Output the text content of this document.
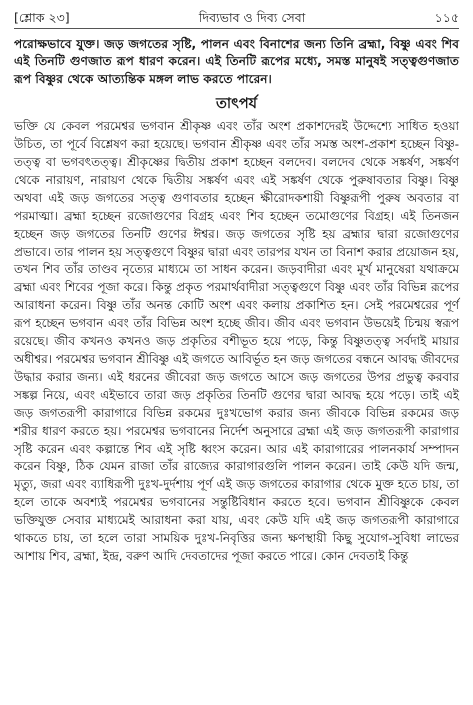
[শ্লোক ২৩]	দিব্যভাব ও দিব্য সেবা	১১৫

পরোক্ষভাবে যুক্ত। জড় জগতের সৃষ্টি, পালন এবং বিনাশের জন্য তিনি ব্রহ্মা, বিষ্ণু এবং শিব এই তিনটি গুণজাত রূপ ধারণ করেন। এই তিনটি রূপের মধ্যে, সমস্ত মানুষই সত্ত্বগুণজাত রূপ বিষ্ণুর থেকে আত্যন্তিক মঙ্গল লাভ করতে পারেন।

তাৎপর্য

ভক্তি যে কেবল পরমেশ্বর ভগবান শ্রীকৃষ্ণ এবং তাঁর অংশ প্রকাশদেরই উদ্দেশ্যে সাধিত হওয়া উচিত, তা পূর্বে বিশ্লেষণ করা হয়েছে। ভগবান শ্রীকৃষ্ণ এবং তাঁর সমস্ত অংশ-প্রকাশ হচ্ছেন বিষ্ণু-তত্ত্ব বা ভগবৎতত্ত্ব। শ্রীকৃষ্ণের দ্বিতীয় প্রকাশ হচ্ছেন বলদেব। বলদেব থেকে সঙ্কর্ষণ, সঙ্কর্ষণ থেকে নারায়ণ, নারায়ণ থেকে দ্বিতীয় সঙ্কর্ষণ এবং এই সঙ্কর্ষণ থেকে পুরুষাবতার বিষ্ণু। বিষ্ণু অথবা এই জড় জগতের সত্ত্ব গুণাবতার হচ্ছেন ক্ষীরোদকশায়ী বিষ্ণুরূপী পুরুষ অবতার বা পরমাত্মা। ব্রহ্মা হচ্ছেন রজোগুণের বিগ্রহ এবং শিব হচ্ছেন তমোগুণের বিগ্রহ। এই তিনজন হচ্ছেন জড় জগতের তিনটি গুণের ঈশ্বর। জড় জগতের সৃষ্টি হয় ব্রহ্মার দ্বারা রজোগুণের প্রভাবে। তার পালন হয় সত্ত্বগুণে বিষ্ণুর দ্বারা এবং তারপর যখন তা বিনাশ করার প্রয়োজন হয়, তখন শিব তাঁর তাণ্ডব নৃত্যের মাধ্যমে তা সাধন করেন। জড়বাদীরা এবং মূর্খ মানুষেরা যথাক্রমে ব্রহ্মা এবং শিবের পূজা করে। কিন্তু প্রকৃত পরমার্থবাদীরা সত্ত্বগুণে বিষ্ণু এবং তাঁর বিভিন্ন রূপের আরাধনা করেন। বিষ্ণু তাঁর অনন্ত কোটি অংশ এবং কলায় প্রকাশিত হন। সেই পরমেশ্বরের পূর্ণ রূপ হচ্ছেন ভগবান এবং তাঁর বিভিন্ন অংশ হচ্ছে জীব। জীব এবং ভগবান উভয়েই চিন্ময় স্বরূপ রয়েছে। জীব কখনও কখনও জড় প্রকৃতির বশীভূত হয়ে পড়ে, কিন্তু বিষ্ণুতত্ত্ব সর্বদাই মায়ার অধীশ্বর। পরমেশ্বর ভগবান শ্রীবিষ্ণু এই জগতে আবির্ভূত হন জড় জগতের বন্ধনে আবদ্ধ জীবদের উদ্ধার করার জন্য। এই ধরনের জীবেরা জড় জগতে আসে জড় জগতের উপর প্রভুত্ব করবার সঙ্কল্প নিয়ে, এবং এইভাবে তারা জড় প্রকৃতির তিনটি গুণের দ্বারা আবদ্ধ হয়ে পড়ে। তাই এই জড় জগতরূপী কারাগারে বিভিন্ন রকমের দুঃখভোগ করার জন্য জীবকে বিভিন্ন রকমের জড় শরীর ধারণ করতে হয়। পরমেশ্বর ভগবানের নির্দেশ অনুসারে ব্রহ্মা এই জড় জগতরূপী কারাগার সৃষ্টি করেন এবং কল্পান্তে শিব এই সৃষ্টি ধ্বংস করেন। আর এই কারাগারের পালনকার্য সম্পাদন করেন বিষ্ণু, ঠিক যেমন রাজা তাঁর রাজ্যের কারাগারগুলি পালন করেন। তাই কেউ যদি জন্ম, মৃত্যু, জরা এবং ব্যাধিরূপী দুঃখ-দুর্দশায় পূর্ণ এই জড় জগতের কারাগার থেকে মুক্ত হতে চায়, তা হলে তাকে অবশ্যই পরমেশ্বর ভগবানের সন্তুষ্টিবিধান করতে হবে। ভগবান শ্রীবিষ্ণুকে কেবল ভক্তিযুক্ত সেবার মাধ্যমেই আরাধনা করা যায়, এবং কেউ যদি এই জড় জগতরূপী কারাগারে থাকতে চায়, তা হলে তারা সাময়িক দুঃখ-নিবৃত্তির জন্য ক্ষণস্থায়ী কিছু সুযোগ-সুবিধা লাভের আশায় শিব, ব্রহ্মা, ইন্দ্র, বরুণ আদি দেবতাদের পূজা করতে পারে। কোন দেবতাই কিন্তু
